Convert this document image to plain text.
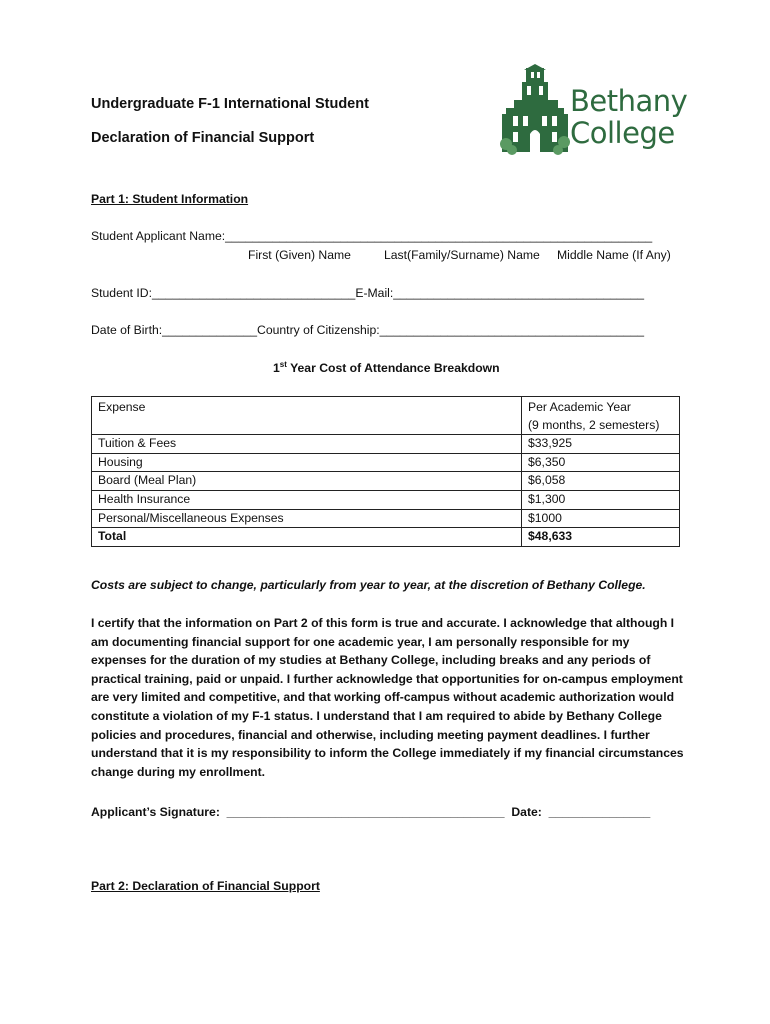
Undergraduate F-1 International Student
Declaration of Financial Support
Bethany
College
Part 1: Student Information
Student Applicant Name:_______________________________________________________________
First (Given) Name	Last(Family/Surname) Name Middle Name (If Any)
Student ID:______________________________E-Mail:_____________________________________
Date of Birth:______________Country of Citizenship:_______________________________________
1st Year Cost of Attendance Breakdown
Expense	Per Academic Year
(9 months, 2 semesters)

Tuition & Fees	$33,925
Housing	$6,350
Board (Meal Plan)	$6,058
Health Insurance	$1,300
Personal/Miscellaneous Expenses	$1000
Total	$48,633
Costs are subject to change, particularly from year to year, at the discretion of Bethany College.
I certify that the information on Part 2 of this form is true and accurate. I acknowledge that although I am documenting financial support for one academic year, I am personally responsible for my expenses for the duration of my studies at Bethany College, including breaks and any periods of practical training, paid or unpaid. I further acknowledge that opportunities for on-campus employment are very limited and competitive, and that working off-campus without academic authorization would constitute a violation of my F-1 status. I understand that I am required to abide by Bethany College policies and procedures, financial and otherwise, including meeting payment deadlines. I further understand that it is my responsibility to inform the College immediately if my financial circumstances change during my enrollment.
Applicant’s Signature: _________________________________________ Date: _______________
Part 2: Declaration of Financial Support
